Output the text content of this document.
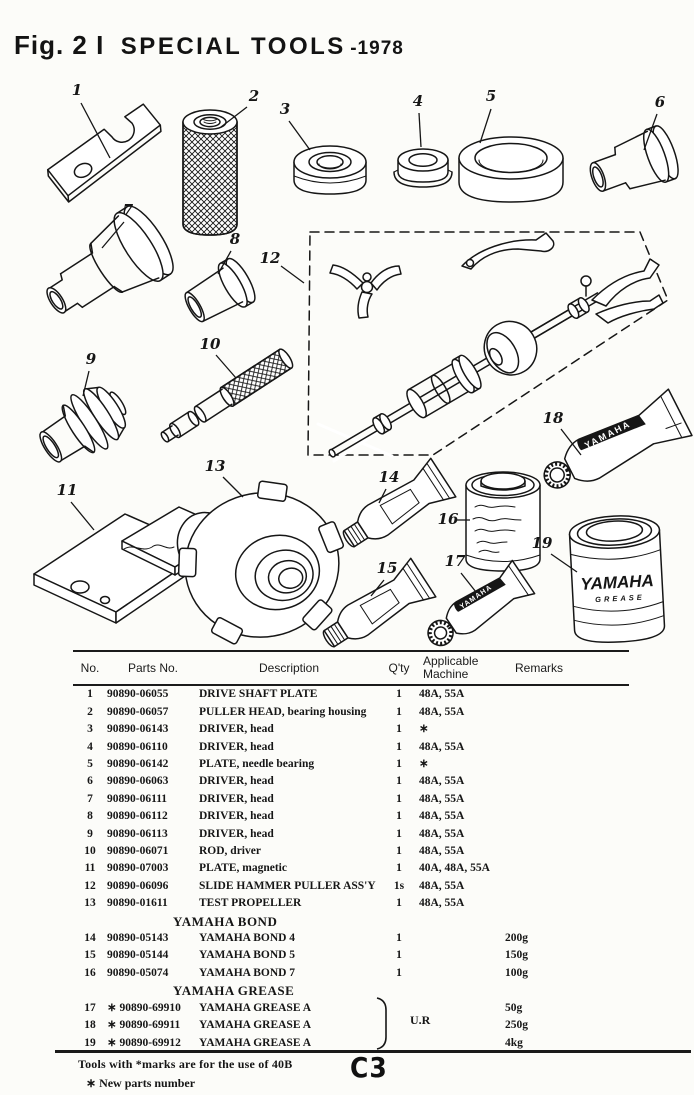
Fig. 2 I SPECIAL TOOLS -1978
YAMAHA
YAMAHA
YAMAHA
GREASE
1	2
3	4	5	6
7
8
9
10
11
12
13
14
15
16
17
18
19
No.	Parts No.	Description	Q'ty	Applicable
Machine	Remarks
1	90890-06055	DRIVE SHAFT PLATE	1	48A, 55A	
2	90890-06057	PULLER HEAD, bearing housing	1	48A, 55A	
3	90890-06143	DRIVER, head	1	∗	
4	90890-06110	DRIVER, head	1	48A, 55A	
5	90890-06142	PLATE, needle bearing	1	∗	
6	90890-06063	DRIVER, head	1	48A, 55A	
7	90890-06111	DRIVER, head	1	48A, 55A	
8	90890-06112	DRIVER, head	1	48A, 55A	
9	90890-06113	DRIVER, head	1	48A, 55A	
10	90890-06071	ROD, driver	1	48A, 55A	
11	90890-07003	PLATE, magnetic	1	40A, 48A, 55A	
12	90890-06096	SLIDE HAMMER PULLER ASS'Y	1s	48A, 55A	
13	90890-01611	TEST PROPELLER	1	48A, 55A	
YAMAHA BOND					
14	90890-05143	YAMAHA BOND 4	1		200g
15	90890-05144	YAMAHA BOND 5	1		150g
16	90890-05074	YAMAHA BOND 7	1		100g
YAMAHA GREASE					
17	∗ 90890-69910	YAMAHA GREASE A			50g
18	∗ 90890-69911	YAMAHA GREASE A			250g
19	∗ 90890-69912	YAMAHA GREASE A			4kg
U.R
Tools with *marks are for the use of 40B
∗ New parts number	C3
